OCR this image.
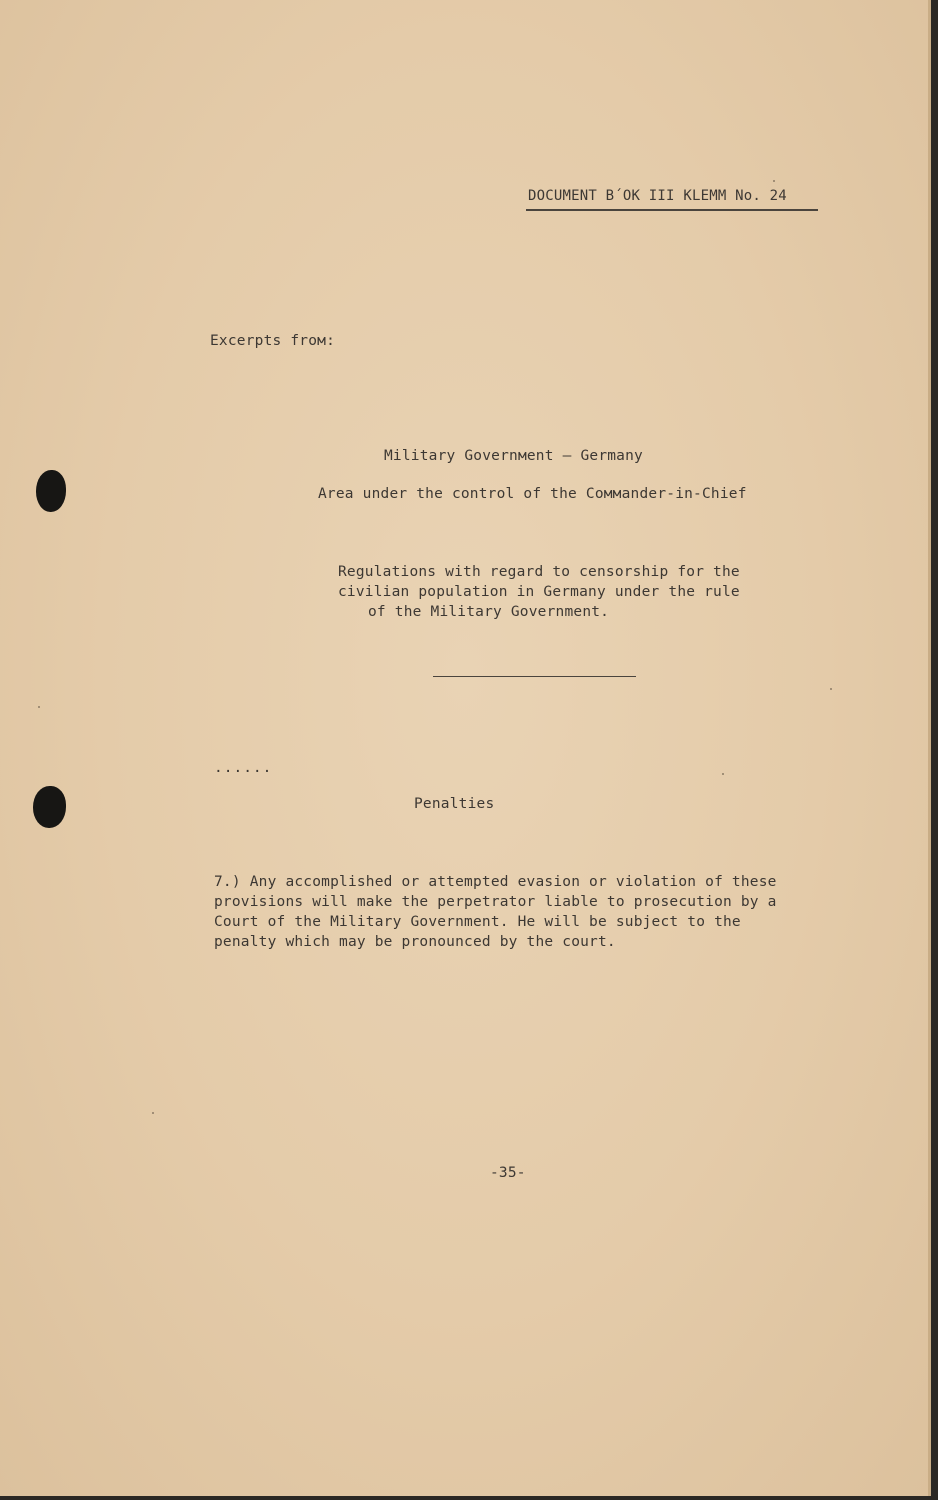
DOCUMENT B´OK III KLEМM No. 24

Excerpts froм:

Militаry Governмent – Germаny

Area under the control of the Coммander-in-Chief

Regulations with regard to censorship for the

civilian population in Germany under the rule

of the Military Government.

......

Penalties

7.) Any accomplished or attempted evasion or violation of these

provisions will make the perpetrator liable to prosecution by a

Court of the Military Government. He will be subject to the

penalty which may be pronounced by the court.

-35-
